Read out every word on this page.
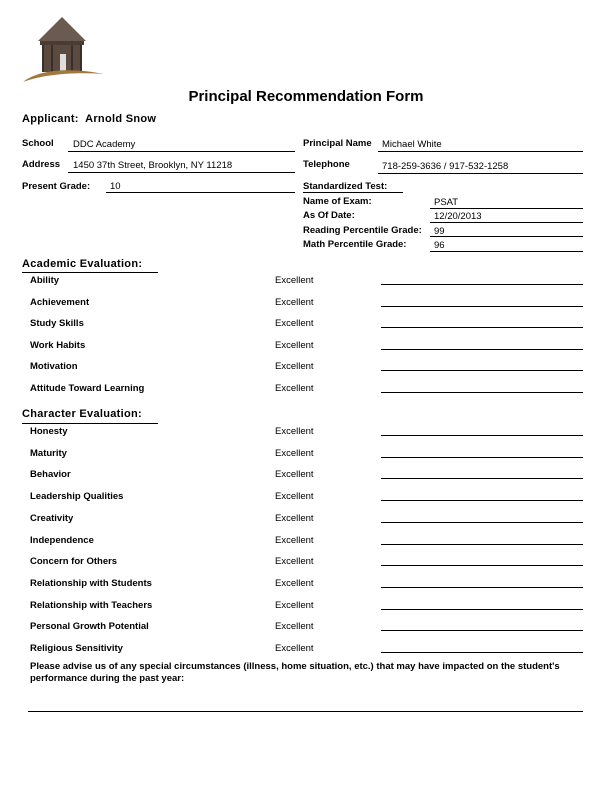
Principal Recommendation Form
Applicant: Arnold Snow
School DDC Academy
Address 1450 37th Street, Brooklyn, NY 11218
Present Grade: 10
Principal Name Michael White
Telephone	718-259-3636 / 917-532-1258
Standardized Test:
Name of Exam:	PSAT
As Of Date:	12/20/2013
Reading Percentile Grade: 99
Math Percentile Grade:	96
Academic Evaluation:
Ability	Excellent
Achievement	Excellent
Study Skills	Excellent
Work Habits	Excellent
Motivation	Excellent
Attitude Toward Learning	Excellent
Character Evaluation:
Honesty	Excellent
Maturity	Excellent
Behavior	Excellent
Leadership Qualities	Excellent
Creativity	Excellent
Independence	Excellent
Concern for Others	Excellent
Relationship with Students	Excellent
Relationship with Teachers	Excellent
Personal Growth Potential	Excellent
Religious Sensitivity	Excellent
Please advise us of any special circumstances (illness, home situation, etc.) that may have impacted on the student's performance during the past year:
